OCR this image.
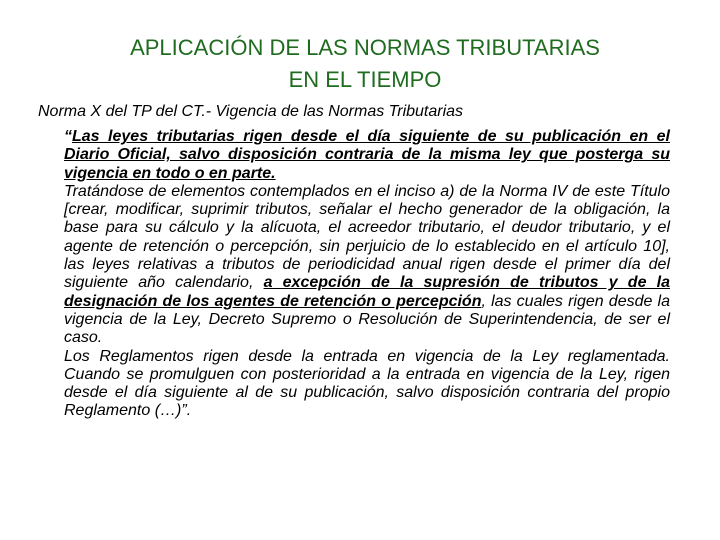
APLICACIÓN DE LAS NORMAS TRIBUTARIAS
EN EL TIEMPO
Norma X del TP del CT.- Vigencia de las Normas Tributarias

“Las leyes tributarias rigen desde el día siguiente de su publicación en el Diario Oficial, salvo disposición contraria de la misma ley que posterga su vigencia en todo o en parte.

Tratándose de elementos contemplados en el inciso a) de la Norma IV de este Título [crear, modificar, suprimir tributos, señalar el hecho generador de la obligación, la base para su cálculo y la alícuota, el acreedor tributario, el deudor tributario, y el agente de retención o percepción, sin perjuicio de lo establecido en el artículo 10], las leyes relativas a tributos de periodicidad anual rigen desde el primer día del siguiente año calendario, a excepción de la supresión de tributos y de la designación de los agentes de retención o percepción, las cuales rigen desde la vigencia de la Ley, Decreto Supremo o Resolución de Superintendencia, de ser el caso.

Los Reglamentos rigen desde la entrada en vigencia de la Ley reglamentada. Cuando se promulguen con posterioridad a la entrada en vigencia de la Ley, rigen desde el día siguiente al de su publicación, salvo disposición contraria del propio Reglamento (…)”.
